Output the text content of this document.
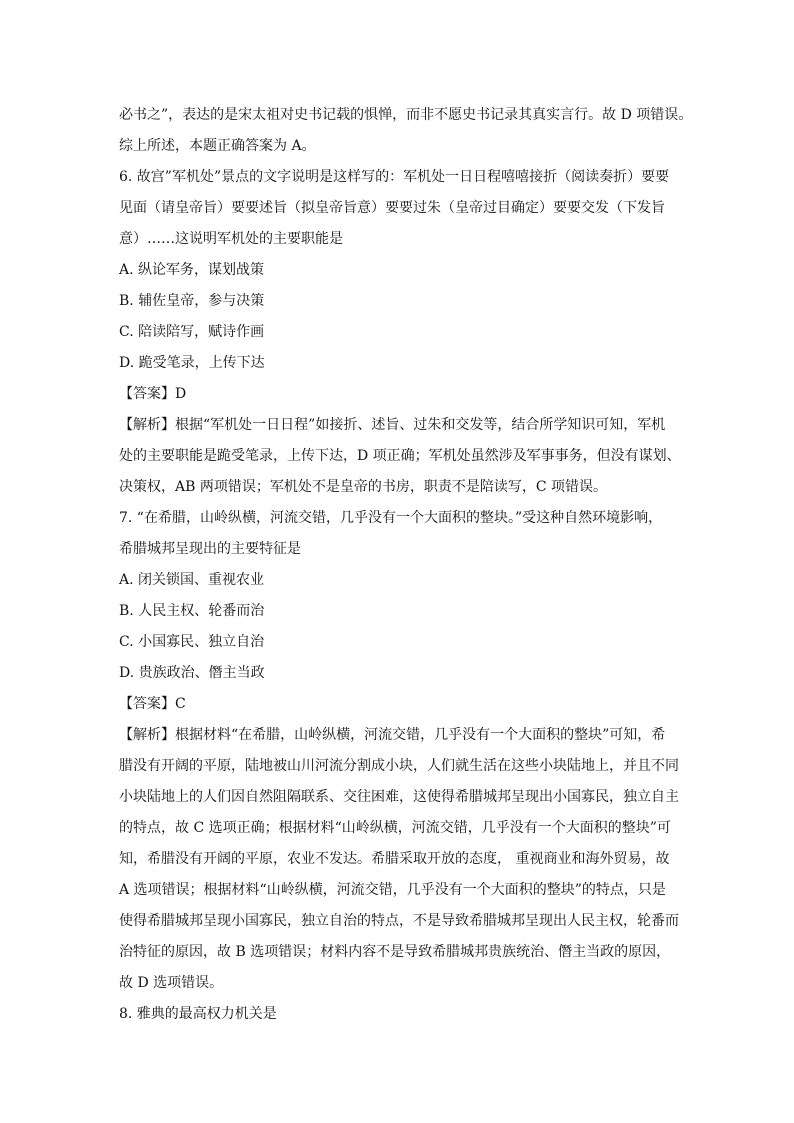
必书之”，表达的是宋太祖对史书记载的惧惮，而非不愿史书记录其真实言行。故 D 项错误。
综上所述，本题正确答案为 A。
6. 故宫”军机处”景点的文字说明是这样写的：军机处一日日程嘻嘻接折（阅读奏折）要要
见面（请皇帝旨）要要述旨（拟皇帝旨意）要要过朱（皇帝过目确定）要要交发（下发旨
意）……这说明军机处的主要职能是
A. 纵论军务，谋划战策
B. 辅佐皇帝，参与决策
C. 陪读陪写，赋诗作画
D. 跪受笔录，上传下达
【答案】D
【解析】根据“军机处一日日程”如接折、述旨、过朱和交发等，结合所学知识可知，军机
处的主要职能是跪受笔录，上传下达，D 项正确；军机处虽然涉及军事事务，但没有谋划、
决策权，AB 两项错误；军机处不是皇帝的书房，职责不是陪读写，C 项错误。
7. “在希腊，山岭纵横，河流交错，几乎没有一个大面积的整块。”受这种自然环境影响，
希腊城邦呈现出的主要特征是
A. 闭关锁国、重视农业
B. 人民主权、轮番而治
C. 小国寡民、独立自治
D. 贵族政治、僭主当政
【答案】C
【解析】根据材料“在希腊，山岭纵横，河流交错，几乎没有一个大面积的整块”可知，希
腊没有开阔的平原，陆地被山川河流分割成小块，人们就生活在这些小块陆地上，并且不同
小块陆地上的人们因自然阻隔联系、交往困难，这使得希腊城邦呈现出小国寡民，独立自主
的特点，故 C 选项正确；根据材料“山岭纵横，河流交错，几乎没有一个大面积的整块”可
知，希腊没有开阔的平原，农业不发达。希腊采取开放的态度， 重视商业和海外贸易，故
A 选项错误；根据材料“山岭纵横，河流交错，几乎没有一个大面积的整块”的特点，只是
使得希腊城邦呈现小国寡民，独立自治的特点，不是导致希腊城邦呈现出人民主权，轮番而
治特征的原因，故 B 选项错误；材料内容不是导致希腊城邦贵族统治、僭主当政的原因，
故 D 选项错误。
8. 雅典的最高权力机关是
